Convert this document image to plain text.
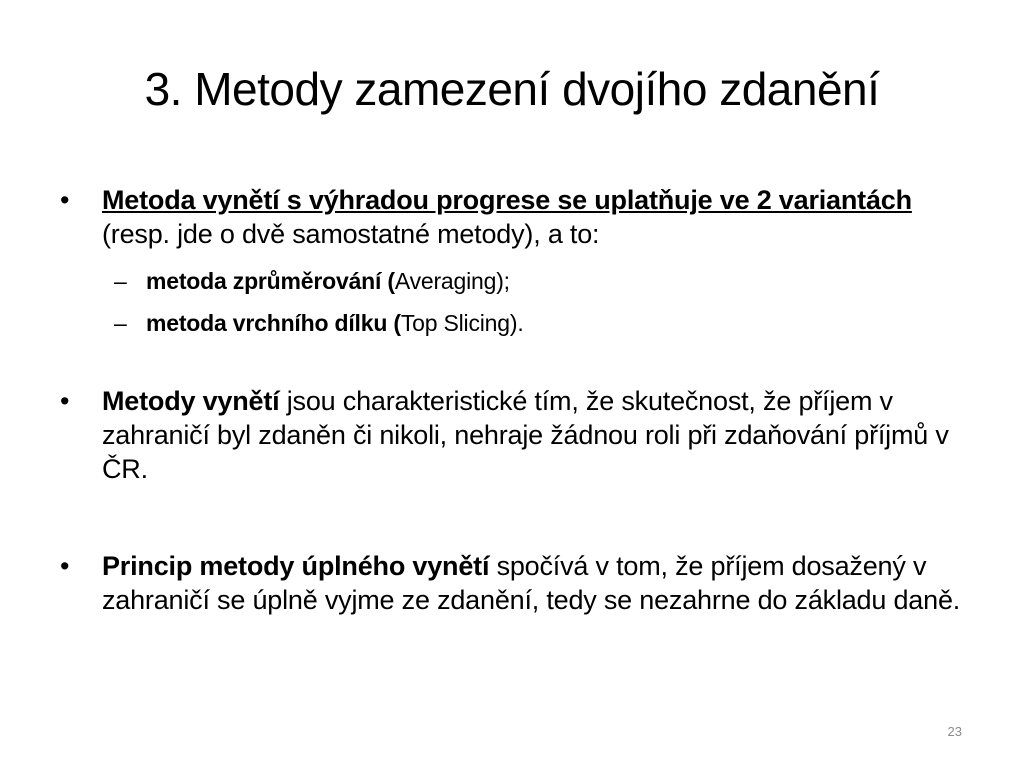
3. Metody zamezení dvojího zdanění
• Metoda vynětí s výhradou progrese se uplatňuje ve 2 variantách (resp. jde o dvě samostatné metody), a to:
– metoda zprůměrování (Averaging);
– metoda vrchního dílku (Top Slicing).
• Metody vynětí jsou charakteristické tím, že skutečnost, že příjem v zahraničí byl zdaněn či nikoli, nehraje žádnou roli při zdaňování příjmů v ČR.
• Princip metody úplného vynětí spočívá v tom, že příjem dosažený v zahraničí se úplně vyjme ze zdanění, tedy se nezahrne do základu daně.
23
